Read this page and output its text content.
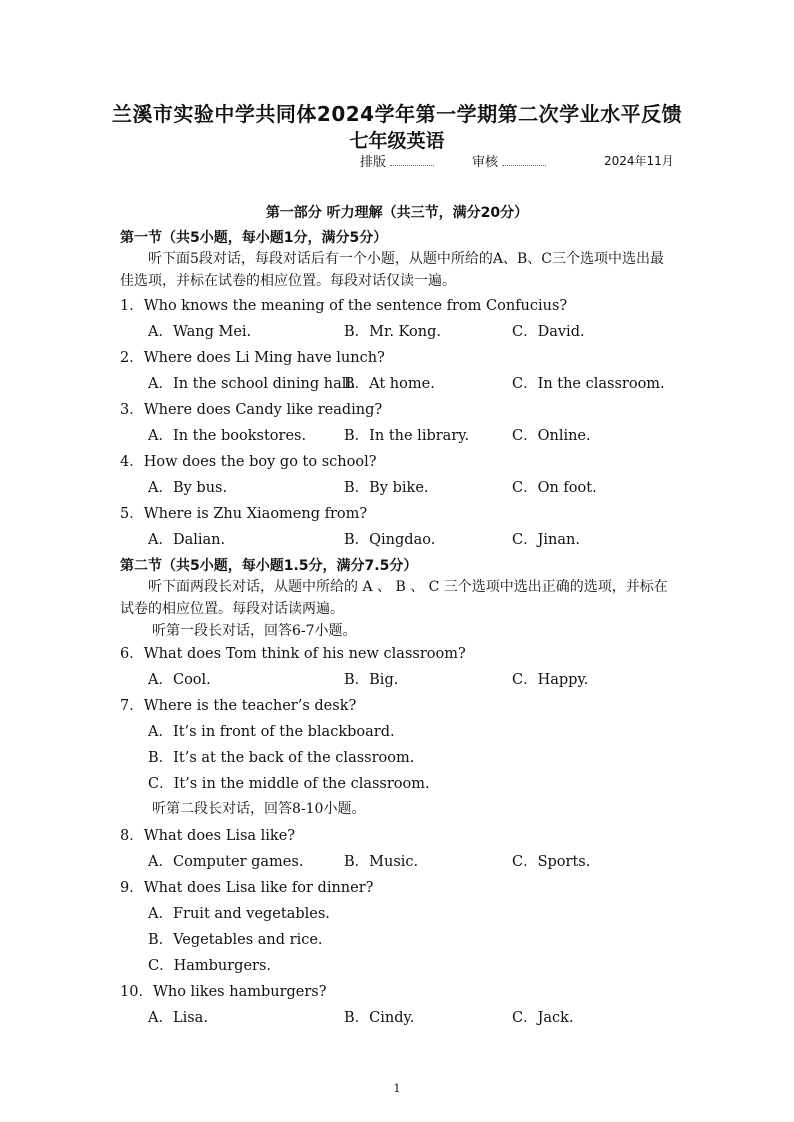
兰溪市实验中学共同体2024学年第一学期第二次学业水平反馈
七年级英语
排版	审核	2024年11月
第一部分 听力理解（共三节，满分20分）
第一节（共5小题，每小题1分，满分5分）
听下面5段对话，每段对话后有一个小题，从题中所给的A、B、C三个选项中选出最佳选项，并标在试卷的相应位置。每段对话仅读一遍。
1．Who knows the meaning of the sentence from Confucius?
A．Wang Mei.	B．Mr. Kong.	C．David.
2．Where does Li Ming have lunch?
A．In the school dining hall.
B．At home.	C．In the classroom.
3．Where does Candy like reading?
A．In the bookstores.	B．In the library.	C．Online.
4．How does the boy go to school?
A．By bus.	B．By bike.	C．On foot.
5．Where is Zhu Xiaomeng from?
A．Dalian.	B．Qingdao.	C．Jinan.
第二节（共5小题，每小题1.5分，满分7.5分）
听下面两段长对话，从题中所给的 A 、 B 、 C 三个选项中选出正确的选项，并标在试卷的相应位置。每段对话读两遍。
听第一段长对话，回答6-7小题。
6．What does Tom think of his new classroom?
A．Cool.	B．Big.	C．Happy.
7．Where is the teacher’s desk?
A．It’s in front of the blackboard.
B．It’s at the back of the classroom.
C．It’s in the middle of the classroom.
听第二段长对话，回答8-10小题。
8．What does Lisa like?
A．Computer games.	B．Music.	C．Sports.
9．What does Lisa like for dinner?
A．Fruit and vegetables.
B．Vegetables and rice.
C．Hamburgers.
10．Who likes hamburgers?
A．Lisa.	B．Cindy.	C．Jack.
1
